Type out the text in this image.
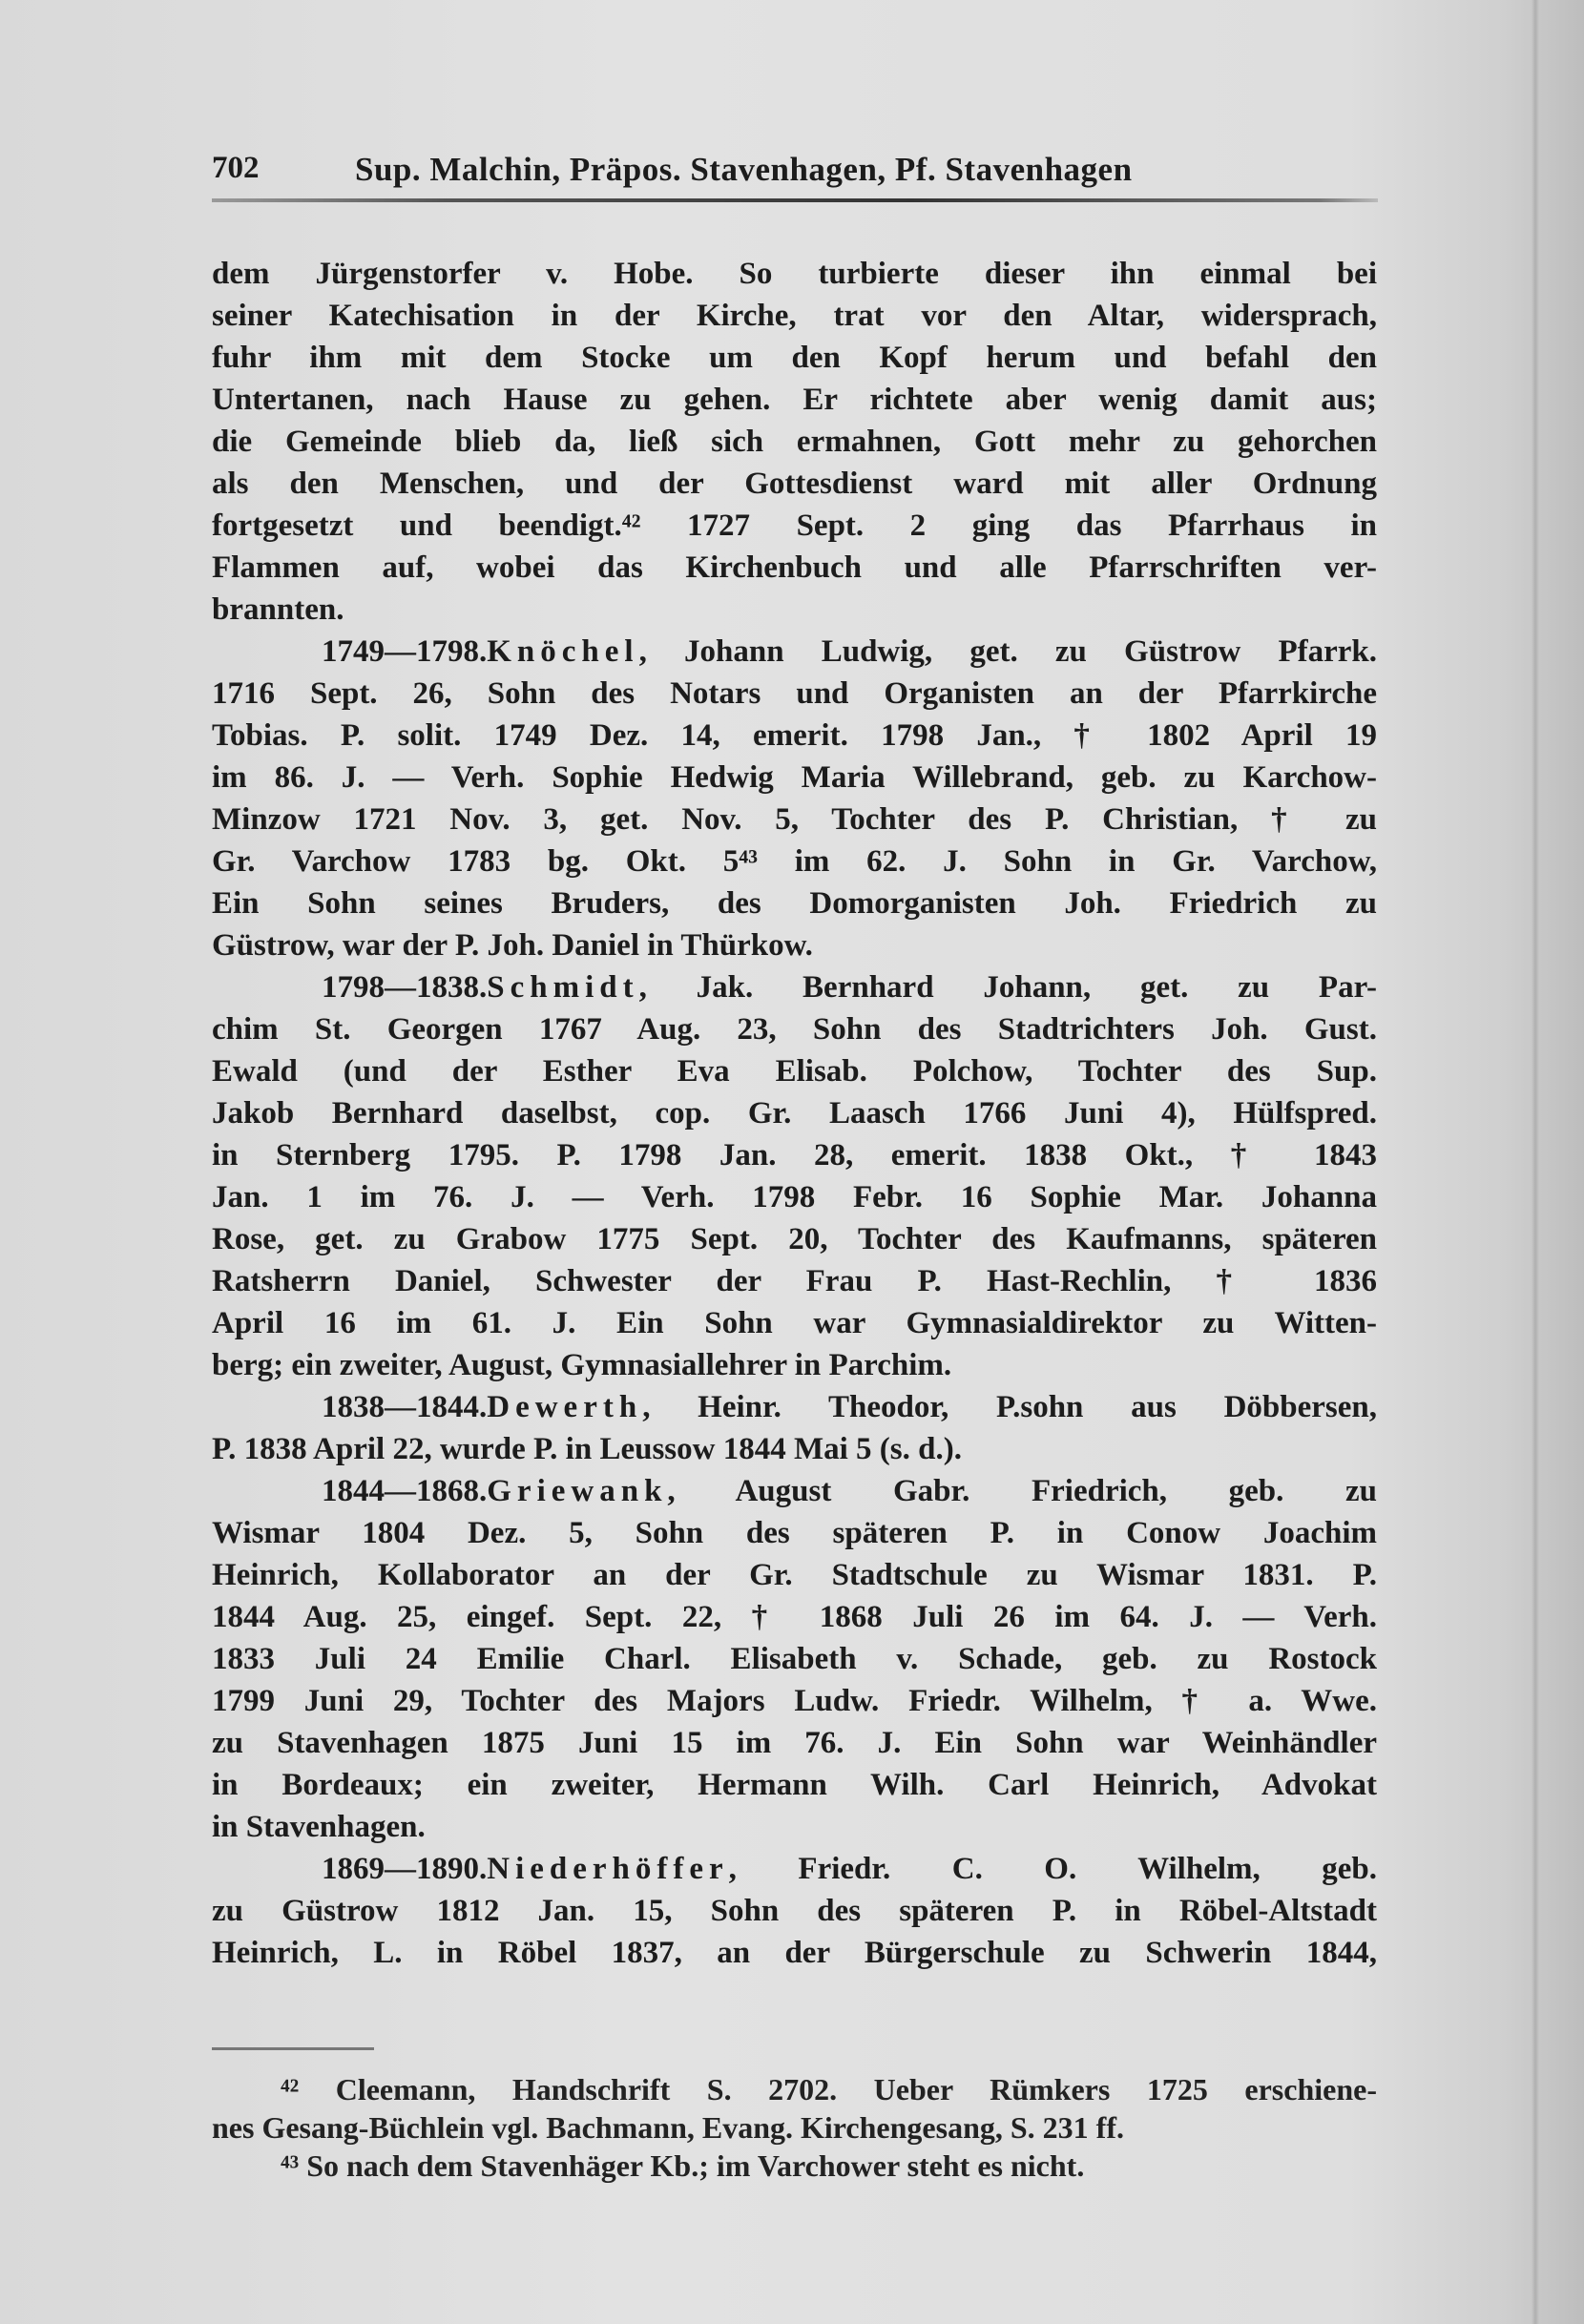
702	Sup. Malchin, Präpos. Stavenhagen, Pf. Stavenhagen
dem Jürgenstorfer v. Hobe. So turbierte dieser ihn einmal bei
seiner Katechisation in der Kirche, trat vor den Altar, widersprach,
fuhr ihm mit dem Stocke um den Kopf herum und befahl den
Untertanen, nach Hause zu gehen. Er richtete aber wenig damit aus;
die Gemeinde blieb da, ließ sich ermahnen, Gott mehr zu gehorchen
als den Menschen, und der Gottesdienst ward mit aller Ordnung
fortgesetzt und beendigt.⁴² 1727 Sept. 2 ging das Pfarrhaus in
Flammen auf, wobei das Kirchenbuch und alle Pfarrschriften ver-
brannten.
1749—1798.Knöchel, Johann Ludwig, get. zu Güstrow Pfarrk.
1716 Sept. 26, Sohn des Notars und Organisten an der Pfarrkirche
Tobias. P. solit. 1749 Dez. 14, emerit. 1798 Jan., † 1802 April 19
im 86. J. — Verh. Sophie Hedwig Maria Willebrand, geb. zu Karchow-
Minzow 1721 Nov. 3, get. Nov. 5, Tochter des P. Christian, † zu
Gr. Varchow 1783 bg. Okt. 5⁴³ im 62. J. Sohn in Gr. Varchow,
Ein Sohn seines Bruders, des Domorganisten Joh. Friedrich zu
Güstrow, war der P. Joh. Daniel in Thürkow.
1798—1838.Schmidt, Jak. Bernhard Johann, get. zu Par-
chim St. Georgen 1767 Aug. 23, Sohn des Stadtrichters Joh. Gust.
Ewald (und der Esther Eva Elisab. Polchow, Tochter des Sup.
Jakob Bernhard daselbst, cop. Gr. Laasch 1766 Juni 4), Hülfspred.
in Sternberg 1795. P. 1798 Jan. 28, emerit. 1838 Okt., † 1843
Jan. 1 im 76. J. — Verh. 1798 Febr. 16 Sophie Mar. Johanna
Rose, get. zu Grabow 1775 Sept. 20, Tochter des Kaufmanns, späteren
Ratsherrn Daniel, Schwester der Frau P. Hast-Rechlin, † 1836
April 16 im 61. J. Ein Sohn war Gymnasialdirektor zu Witten-
berg; ein zweiter, August, Gymnasiallehrer in Parchim.
1838—1844.Dewerth, Heinr. Theodor, P.sohn aus Döbbersen,
P. 1838 April 22, wurde P. in Leussow 1844 Mai 5 (s. d.).
1844—1868.Griewank, August Gabr. Friedrich, geb. zu
Wismar 1804 Dez. 5, Sohn des späteren P. in Conow Joachim
Heinrich, Kollaborator an der Gr. Stadtschule zu Wismar 1831. P.
1844 Aug. 25, eingef. Sept. 22, † 1868 Juli 26 im 64. J. — Verh.
1833 Juli 24 Emilie Charl. Elisabeth v. Schade, geb. zu Rostock
1799 Juni 29, Tochter des Majors Ludw. Friedr. Wilhelm, † a. Wwe.
zu Stavenhagen 1875 Juni 15 im 76. J. Ein Sohn war Weinhändler
in Bordeaux; ein zweiter, Hermann Wilh. Carl Heinrich, Advokat
in Stavenhagen.
1869—1890.Niederhöffer, Friedr. C. O. Wilhelm, geb.
zu Güstrow 1812 Jan. 15, Sohn des späteren P. in Röbel-Altstadt
Heinrich, L. in Röbel 1837, an der Bürgerschule zu Schwerin 1844,
⁴² Cleemann, Handschrift S. 2702. Ueber Rümkers 1725 erschiene-
nes Gesang-Büchlein vgl. Bachmann, Evang. Kirchengesang, S. 231 ff.
⁴³ So nach dem Stavenhäger Kb.; im Varchower steht es nicht.
